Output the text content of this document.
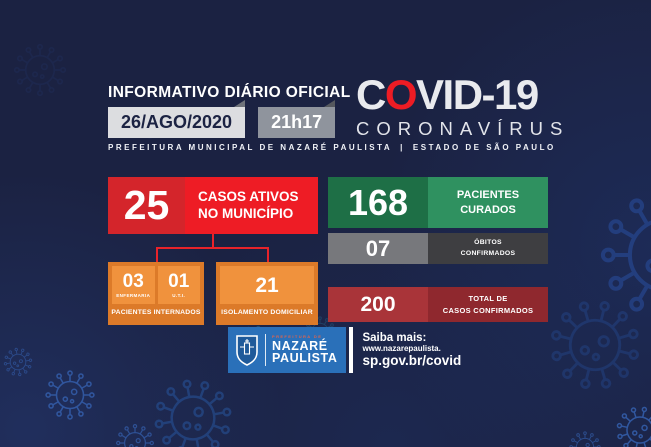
INFORMATIVO DIÁRIO OFICIAL
26/AGO/2020	21h17
PREFEITURA MUNICIPAL DE NAZARÉ PAULISTA | ESTADO DE SÃO PAULO
COVID-19
CORONAVÍRUS
25	CASOS ATIVOS
NO MUNICÍPIO
03
ENFERMARIA
01
U.T.I.
PACIENTES INTERNADOS
21
ISOLAMENTO DOMICILIAR
168	PACIENTES
CURADOS
07	ÓBITOS
CONFIRMADOS
200	TOTAL DE
CASOS CONFIRMADOS
PREFEITURA DE
NAZARÉ
PAULISTA
Saiba mais:
www.nazarepaulista.
sp.gov.br/covid
